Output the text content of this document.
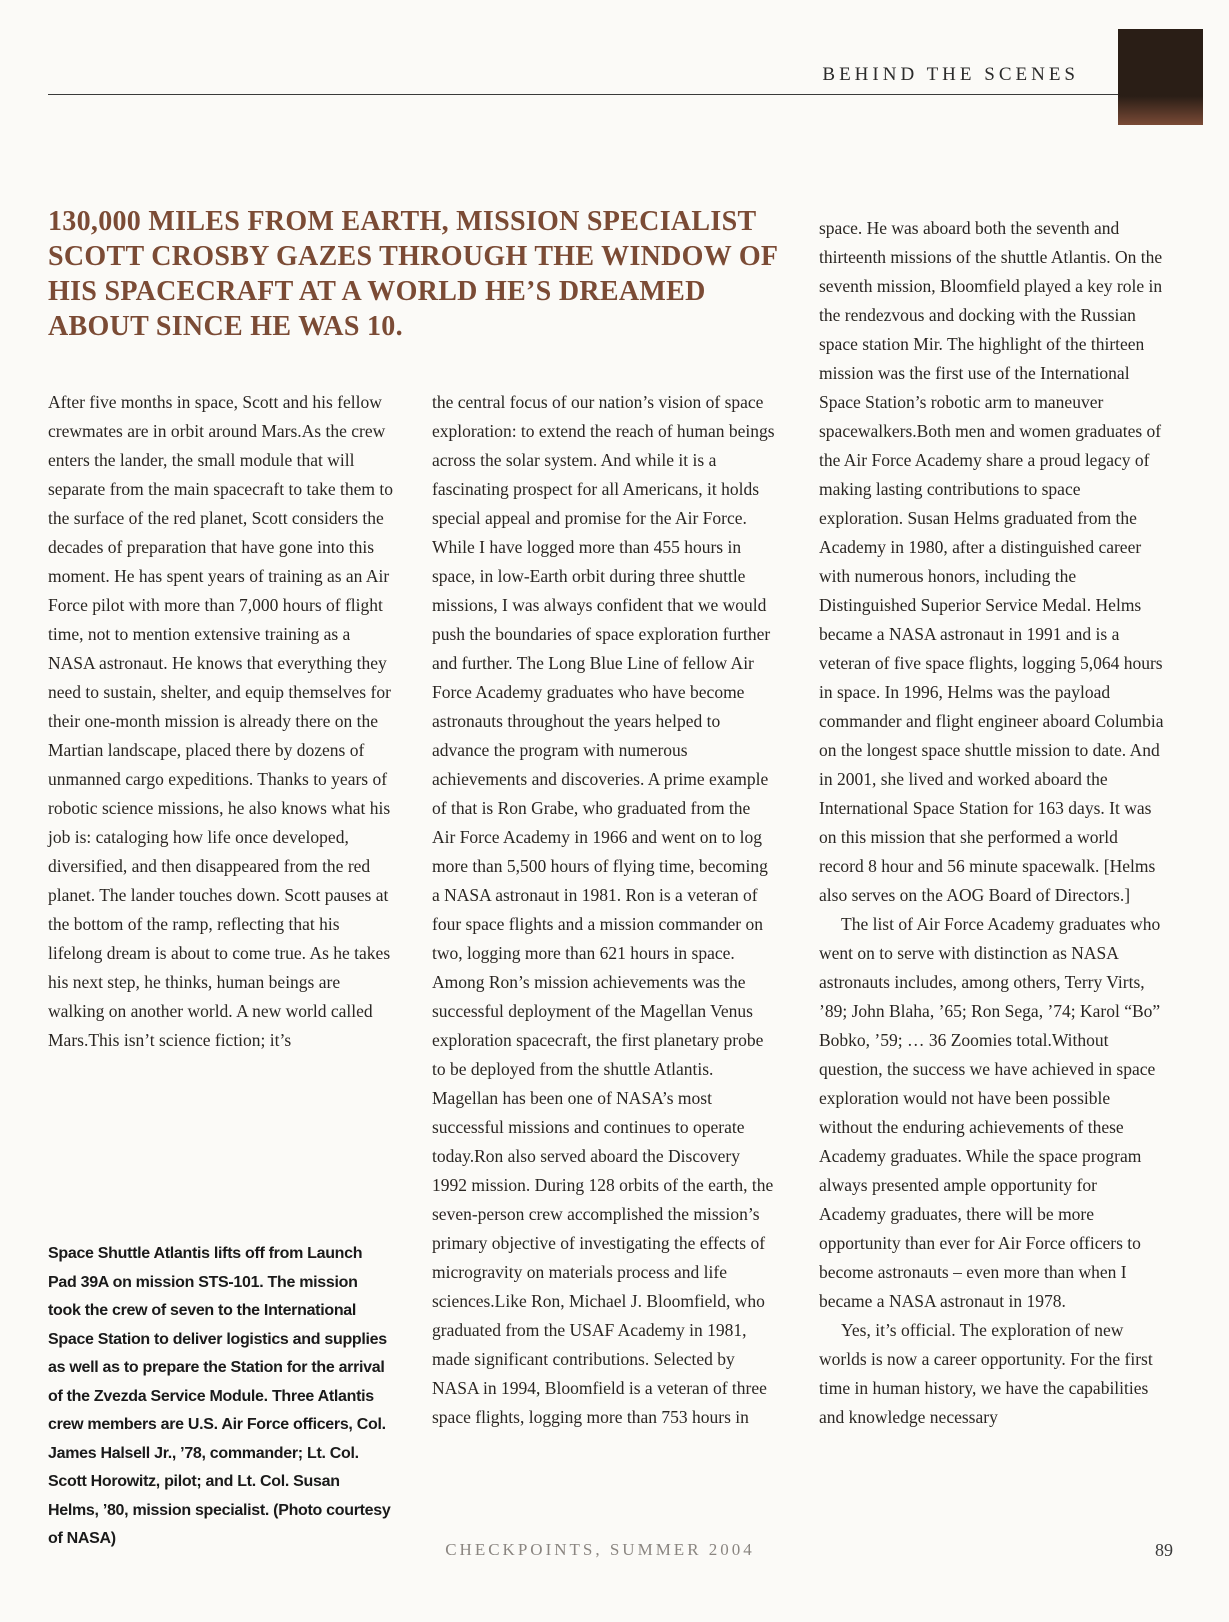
BEHIND THE SCENES
130,000 MILES FROM EARTH, MISSION SPECIALIST SCOTT CROSBY GAZES THROUGH THE WINDOW OF HIS SPACECRAFT AT A WORLD HE’S DREAMED ABOUT SINCE HE WAS 10.

After five months in space, Scott and his fellow crewmates are in orbit around Mars.As the crew enters the lander, the small module that will separate from the main spacecraft to take them to the surface of the red planet, Scott considers the decades of preparation that have gone into this moment. He has spent years of training as an Air Force pilot with more than 7,000 hours of flight time, not to mention extensive training as a NASA astronaut. He knows that everything they need to sustain, shelter, and equip themselves for their one-month mission is already there on the Martian landscape, placed there by dozens of unmanned cargo expeditions. Thanks to years of robotic science missions, he also knows what his job is: cataloging how life once developed, diversified, and then disappeared from the red planet. The lander touches down. Scott pauses at the bottom of the ramp, reflecting that his lifelong dream is about to come true. As he takes his next step, he thinks, human beings are walking on another world. A new world called Mars.This isn’t science fiction; it’s

the central focus of our nation’s vision of space exploration: to extend the reach of human beings across the solar system. And while it is a fascinating prospect for all Americans, it holds special appeal and promise for the Air Force. While I have logged more than 455 hours in space, in low-Earth orbit during three shuttle missions, I was always confident that we would push the boundaries of space exploration further and further. The Long Blue Line of fellow Air Force Academy graduates who have become astronauts throughout the years helped to advance the program with numerous achievements and discoveries. A prime example of that is Ron Grabe, who graduated from the Air Force Academy in 1966 and went on to log more than 5,500 hours of flying time, becoming a NASA astronaut in 1981. Ron is a veteran of four space flights and a mission commander on two, logging more than 621 hours in space. Among Ron’s mission achievements was the successful deployment of the Magellan Venus exploration spacecraft, the first planetary probe to be deployed from the shuttle Atlantis. Magellan has been one of NASA’s most successful missions and continues to operate today.Ron also served aboard the Discovery 1992 mission. During 128 orbits of the earth, the seven-person crew accomplished the mission’s primary objective of investigating the effects of microgravity on materials process and life sciences.Like Ron, Michael J. Bloomfield, who graduated from the USAF Academy in 1981, made significant contributions. Selected by NASA in 1994, Bloomfield is a veteran of three space flights, logging more than 753 hours in

space. He was aboard both the seventh and thirteenth missions of the shuttle Atlantis. On the seventh mission, Bloomfield played a key role in the rendezvous and docking with the Russian space station Mir. The highlight of the thirteen mission was the first use of the International Space Station’s robotic arm to maneuver spacewalkers.Both men and women graduates of the Air Force Academy share a proud legacy of making lasting contributions to space exploration. Susan Helms graduated from the Academy in 1980, after a distinguished career with numerous honors, including the Distinguished Superior Service Medal. Helms became a NASA astronaut in 1991 and is a veteran of five space flights, logging 5,064 hours in space. In 1996, Helms was the payload commander and flight engineer aboard Columbia on the longest space shuttle mission to date. And in 2001, she lived and worked aboard the International Space Station for 163 days. It was on this mission that she performed a world record 8 hour and 56 minute spacewalk. [Helms also serves on the AOG Board of Directors.]

The list of Air Force Academy graduates who went on to serve with distinction as NASA astronauts includes, among others, Terry Virts, ’89; John Blaha, ’65; Ron Sega, ’74; Karol “Bo” Bobko, ’59; … 36 Zoomies total.Without question, the success we have achieved in space exploration would not have been possible without the enduring achievements of these Academy graduates. While the space program always presented ample opportunity for Academy graduates, there will be more opportunity than ever for Air Force officers to become astronauts – even more than when I became a NASA astronaut in 1978.

Yes, it’s official. The exploration of new worlds is now a career opportunity. For the first time in human history, we have the capabilities and knowledge necessary

Space Shuttle Atlantis lifts off from Launch Pad 39A on mission STS-101. The mission took the crew of seven to the International Space Station to deliver logistics and supplies as well as to prepare the Station for the arrival of the Zvezda Service Module. Three Atlantis crew members are U.S. Air Force officers, Col. James Halsell Jr., ’78, commander; Lt. Col. Scott Horowitz, pilot; and Lt. Col. Susan Helms, ’80, mission specialist. (Photo courtesy of NASA)
CHECKPOINTS, SUMMER 2004	89
